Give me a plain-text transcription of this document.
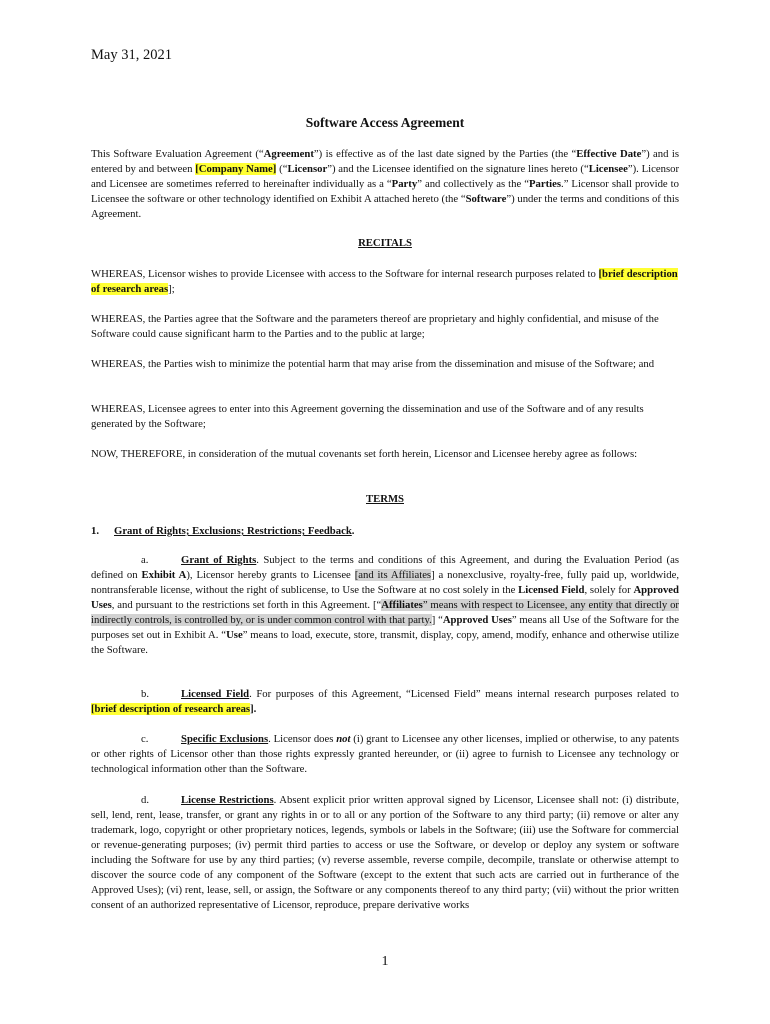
May 31, 2021
Software Access Agreement
This Software Evaluation Agreement (“Agreement”) is effective as of the last date signed by the Parties (the “Effective Date”) and is entered by and between [Company Name] (“Licensor”) and the Licensee identified on the signature lines hereto (“Licensee”). Licensor and Licensee are sometimes referred to hereinafter individually as a “Party” and collectively as the “Parties.” Licensor shall provide to Licensee the software or other technology identified on Exhibit A attached hereto (the “Software”) under the terms and conditions of this Agreement.
RECITALS
WHEREAS, Licensor wishes to provide Licensee with access to the Software for internal research purposes related to [brief description of research areas];
WHEREAS, the Parties agree that the Software and the parameters thereof are proprietary and highly confidential, and misuse of the Software could cause significant harm to the Parties and to the public at large;
WHEREAS, the Parties wish to minimize the potential harm that may arise from the dissemination and misuse of the Software; and
WHEREAS, Licensee agrees to enter into this Agreement governing the dissemination and use of the Software and of any results generated by the Software;
NOW, THEREFORE, in consideration of the mutual covenants set forth herein, Licensor and Licensee hereby agree as follows:
TERMS
1. Grant of Rights; Exclusions; Restrictions; Feedback.
a.	Grant of Rights. Subject to the terms and conditions of this Agreement, and during the Evaluation Period (as defined on Exhibit A), Licensor hereby grants to Licensee [and its Affiliates] a nonexclusive, royalty-free, fully paid up, worldwide, nontransferable license, without the right of sublicense, to Use the Software at no cost solely in the Licensed Field, solely for Approved Uses, and pursuant to the restrictions set forth in this Agreement. [“Affiliates” means with respect to Licensee, any entity that directly or indirectly controls, is controlled by, or is under common control with that party.] “Approved Uses” means all Use of the Software for the purposes set out in Exhibit A. “Use” means to load, execute, store, transmit, display, copy, amend, modify, enhance and otherwise utilize the Software.
b.	Licensed Field. For purposes of this Agreement, “Licensed Field” means internal research purposes related to [brief description of research areas].
c.	Specific Exclusions. Licensor does not (i) grant to Licensee any other licenses, implied or otherwise, to any patents or other rights of Licensor other than those rights expressly granted hereunder, or (ii) agree to furnish to Licensee any technology or technological information other than the Software.
d.	License Restrictions. Absent explicit prior written approval signed by Licensor, Licensee shall not: (i) distribute, sell, lend, rent, lease, transfer, or grant any rights in or to all or any portion of the Software to any third party; (ii) remove or alter any trademark, logo, copyright or other proprietary notices, legends, symbols or labels in the Software; (iii) use the Software for commercial or revenue-generating purposes; (iv) permit third parties to access or use the Software, or develop or deploy any system or software including the Software for use by any third parties; (v) reverse assemble, reverse compile, decompile, translate or otherwise attempt to discover the source code of any component of the Software (except to the extent that such acts are carried out in furtherance of the Approved Uses); (vi) rent, lease, sell, or assign, the Software or any components thereof to any third party; (vii) without the prior written consent of an authorized representative of Licensor, reproduce, prepare derivative works
1
